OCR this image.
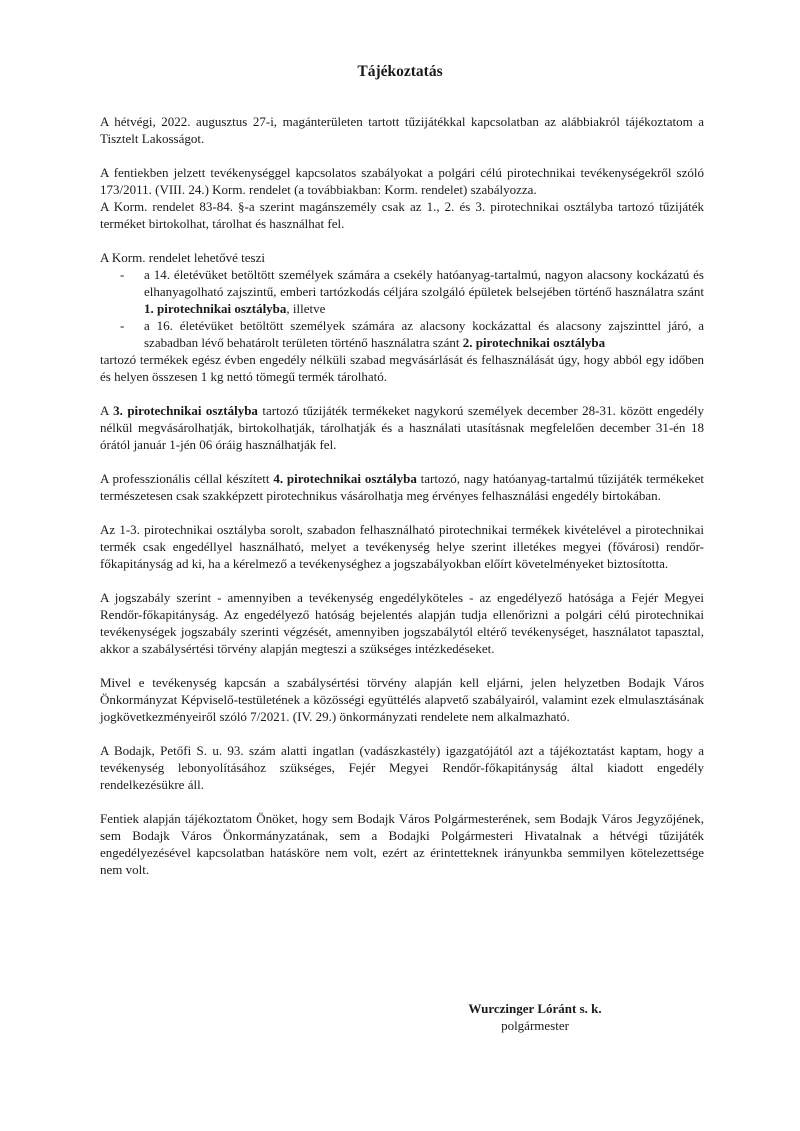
Tájékoztatás

A hétvégi, 2022. augusztus 27-i, magánterületen tartott tűzijátékkal kapcsolatban az alábbiakról tájékoztatom a Tisztelt Lakosságot.

A fentiekben jelzett tevékenységgel kapcsolatos szabályokat a polgári célú pirotechnikai tevékenységekről szóló 173/2011. (VIII. 24.) Korm. rendelet (a továbbiakban: Korm. rendelet) szabályozza.

A Korm. rendelet 83-84. §-a szerint magánszemély csak az 1., 2. és 3. pirotechnikai osztályba tartozó tűzijáték terméket birtokolhat, tárolhat és használhat fel.

A Korm. rendelet lehetővé teszi

- a 14. életévüket betöltött személyek számára a csekély hatóanyag-tartalmú, nagyon alacsony kockázatú és elhanyagolható zajszintű, emberi tartózkodás céljára szolgáló épületek belsejében történő használatra szánt 1. pirotechnikai osztályba, illetve
- a 16. életévüket betöltött személyek számára az alacsony kockázattal és alacsony zajszinttel járó, a szabadban lévő behatárolt területen történő használatra szánt 2. pirotechnikai osztályba

tartozó termékek egész évben engedély nélküli szabad megvásárlását és felhasználását úgy, hogy abból egy időben és helyen összesen 1 kg nettó tömegű termék tárolható.

A 3. pirotechnikai osztályba tartozó tűzijáték termékeket nagykorú személyek december 28-31. között engedély nélkül megvásárolhatják, birtokolhatják, tárolhatják és a használati utasításnak megfelelően december 31-én 18 órától január 1-jén 06 óráig használhatják fel.

A professzionális céllal készített 4. pirotechnikai osztályba tartozó, nagy hatóanyag-tartalmú tűzijáték termékeket természetesen csak szakképzett pirotechnikus vásárolhatja meg érvényes felhasználási engedély birtokában.

Az 1-3. pirotechnikai osztályba sorolt, szabadon felhasználható pirotechnikai termékek kivételével a pirotechnikai termék csak engedéllyel használható, melyet a tevékenység helye szerint illetékes megyei (fővárosi) rendőr-főkapitányság ad ki, ha a kérelmező a tevékenységhez a jogszabályokban előírt követelményeket biztosította.

A jogszabály szerint - amennyiben a tevékenység engedélyköteles - az engedélyező hatósága a Fejér Megyei Rendőr-főkapitányság. Az engedélyező hatóság bejelentés alapján tudja ellenőrizni a polgári célú pirotechnikai tevékenységek jogszabály szerinti végzését, amennyiben jogszabálytól eltérő tevékenységet, használatot tapasztal, akkor a szabálysértési törvény alapján megteszi a szükséges intézkedéseket.

Mivel e tevékenység kapcsán a szabálysértési törvény alapján kell eljárni, jelen helyzetben Bodajk Város Önkormányzat Képviselő-testületének a közösségi együttélés alapvető szabályairól, valamint ezek elmulasztásának jogkövetkezményeiről szóló 7/2021. (IV. 29.) önkormányzati rendelete nem alkalmazható.

A Bodajk, Petőfi S. u. 93. szám alatti ingatlan (vadászkastély) igazgatójától azt a tájékoztatást kaptam, hogy a tevékenység lebonyolításához szükséges, Fejér Megyei Rendőr-főkapitányság által kiadott engedély rendelkezésükre áll.

Fentiek alapján tájékoztatom Önöket, hogy sem Bodajk Város Polgármesterének, sem Bodajk Város Jegyzőjének, sem Bodajk Város Önkormányzatának, sem a Bodajki Polgármesteri Hivatalnak a hétvégi tűzijáték engedélyezésével kapcsolatban hatásköre nem volt, ezért az érintetteknek irányunkba semmilyen kötelezettsége nem volt.

Wurczinger Lóránt s. k.
polgármester
